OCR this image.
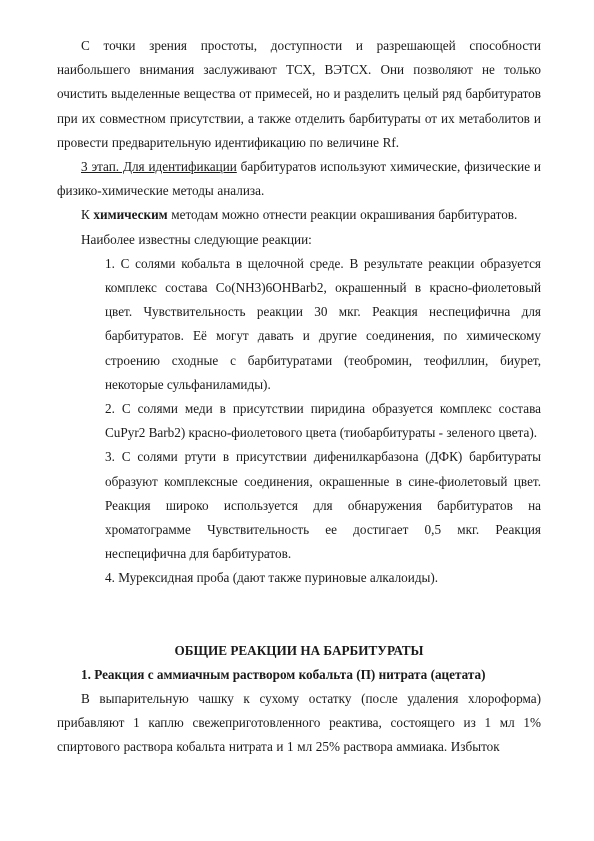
С точки зрения простоты, доступности и разрешающей способности наибольшего внимания заслуживают ТСХ, ВЭТСХ. Они позволяют не только очистить выделенные вещества от примесей, но и разделить целый ряд барбитуратов при их совместном присутствии, а также отделить барбитураты от их метаболитов и провести предварительную идентификацию по величине Rf.

3 этап. Для идентификации барбитуратов используют химические, физические и физико-химические методы анализа.

К химическим методам можно отнести реакции окрашивания барбитуратов.

Наиболее известны следующие реакции:

1. С солями кобальта в щелочной среде. В результате реакции образуется комплекс состава Co(NH3)6OHBarb2, окрашенный в красно-фиолетовый цвет. Чувствительность реакции 30 мкг. Реакция неспецифична для барбитуратов. Её могут давать и другие соединения, по химическому строению сходные с барбитуратами (теобромин, теофиллин, биурет, некоторые сульфаниламиды).

2. С солями меди в присутствии пиридина образуется комплекс состава CuPyr2 Barb2) красно-фиолетового цвета (тиобарбитураты - зеленого цвета).

3. С солями ртути в присутствии дифенилкарбазона (ДФК) барбитураты образуют комплексные соединения, окрашенные в сине-фиолетовый цвет. Реакция широко используется для обнаружения барбитуратов на хроматограмме Чувствительность ее достигает 0,5 мкг. Реакция неспецифична для барбитуратов.

4. Мурексидная проба (дают также пуриновые алкалоиды).

ОБЩИЕ РЕАКЦИИ НА БАРБИТУРАТЫ

1. Реакция с аммиачным раствором кобальта (П) нитрата (ацетата)

В выпарительную чашку к сухому остатку (после удаления хлороформа) прибавляют 1 каплю свежеприготовленного реактива, состоящего из 1 мл 1% спиртового раствора кобальта нитрата и 1 мл 25% раствора аммиака. Избыток
